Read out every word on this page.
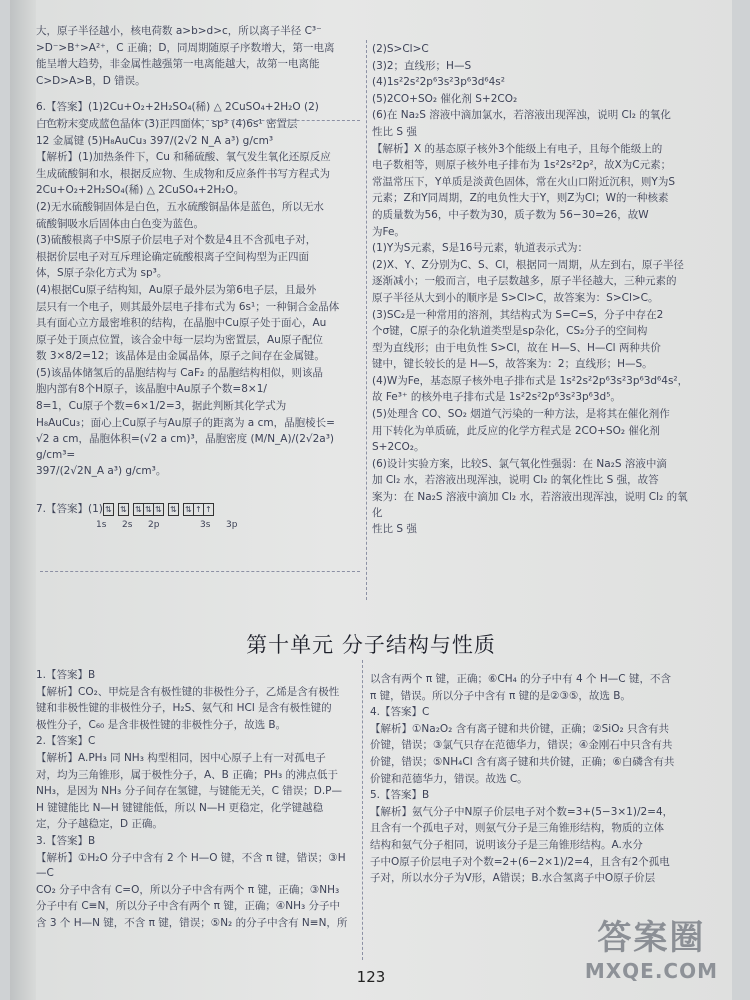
大，原子半径越小，核电荷数 a>b>d>c，所以离子半径 C³⁻

>D⁻>B⁺>A²⁺，C 正确；D，同周期随原子序数增大，第一电离

能呈增大趋势，非金属性越强第一电离能越大，故第一电离能

C>D>A>B，D 错误。

6.【答案】(1)2Cu+O₂+2H₂SO₄(稀) △ 2CuSO₄+2H₂O (2)

白色粉末变成蓝色晶体 (3)正四面体，sp³ (4)6s¹ 密置层

12 金属键 (5)H₈AuCu₃ 397/(2√2 N_A a³) g/cm³

【解析】(1)加热条件下，Cu 和稀硫酸、氧气发生氧化还原反应

生成硫酸铜和水，根据反应物、生成物和反应条件书写方程式为

2Cu+O₂+2H₂SO₄(稀) △ 2CuSO₄+2H₂O。

(2)无水硫酸铜固体是白色，五水硫酸铜晶体是蓝色，所以无水

硫酸铜吸水后固体由白色变为蓝色。

(3)硫酸根离子中S原子价层电子对个数是4且不含孤电子对，

根据价层电子对互斥理论确定硫酸根离子空间构型为正四面

体，S原子杂化方式为 sp³。

(4)根据Cu原子结构知，Au原子最外层为第6电子层，且最外

层只有一个电子，则其最外层电子排布式为 6s¹；一种铜合金晶体

具有面心立方最密堆积的结构，在晶胞中Cu原子处于面心，Au

原子处于顶点位置，该合金中每一层均为密置层，Au原子配位

数 3×8/2=12；该晶体是由金属晶体，原子之间存在金属键。

(5)该晶体储氢后的晶胞结构与 CaF₂ 的晶胞结构相似，则该晶

胞内部有8个H原子，该晶胞中Au原子个数=8×1/

8=1，Cu原子个数=6×1/2=3，据此判断其化学式为

H₈AuCu₃；面心上Cu原子与Au原子的距离为 a cm，晶胞棱长=

√2 a cm，晶胞体积=(√2 a cm)³，晶胞密度 (M/N_A)/(2√2a³) g/cm³=

397/(2√2N_A a³) g/cm³。

7.【答案】(1) ⇅ ⇅ ⇅ ⇅ ⇅ ⇅ ⇅ ↑ ↑
1s 2s 2p	3s 3p

(2)S>Cl>C

(3)2；直线形；H—S

(4)1s²2s²2p⁶3s²3p⁶3d⁶4s²

(5)2CO+SO₂ 催化剂 S+2CO₂

(6)在 Na₂S 溶液中滴加氯水，若溶液出现浑浊，说明 Cl₂ 的氧化

性比 S 强

【解析】X 的基态原子核外3个能级上有电子，且每个能级上的

电子数相等，则原子核外电子排布为 1s²2s²2p²，故X为C元素；

常温常压下，Y单质是淡黄色固体，常在火山口附近沉积，则Y为S

元素；Z和Y同周期，Z的电负性大于Y，则Z为Cl；W的一种核素

的质量数为56，中子数为30，质子数为 56−30=26，故W

为Fe。

(1)Y为S元素，S是16号元素，轨道表示式为：

(2)X、Y、Z分别为C、S、Cl，根据同一周期，从左到右，原子半径

逐渐减小；一般而言，电子层数越多，原子半径越大，三种元素的

原子半径从大到小的顺序是 S>Cl>C，故答案为：S>Cl>C。

(3)SC₂是一种常用的溶剂，其结构式为 S=C=S，分子中存在2

个σ键，C原子的杂化轨道类型是sp杂化，CS₂分子的空间构

型为直线形；由于电负性 S>Cl，故在 H—S、H—Cl 两种共价

键中，键长较长的是 H—S，故答案为：2；直线形；H—S。

(4)W为Fe，基态原子核外电子排布式是 1s²2s²2p⁶3s²3p⁶3d⁶4s²，

故 Fe³⁺ 的核外电子排布式是 1s²2s²2p⁶3s²3p⁶3d⁵。

(5)处理含 CO、SO₂ 烟道气污染的一种方法，是将其在催化剂作

用下转化为单质硫，此反应的化学方程式是 2CO+SO₂ 催化剂

S+2CO₂。

(6)设计实验方案，比较S、氯气氧化性强弱：在 Na₂S 溶液中滴

加 Cl₂ 水，若溶液出现浑浊，说明 Cl₂ 的氧化性比 S 强，故答

案为：在 Na₂S 溶液中滴加 Cl₂ 水，若溶液出现浑浊，说明 Cl₂ 的氧化

性比 S 强

第十单元 分子结构与性质

1.【答案】B

【解析】CO₂、甲烷是含有极性键的非极性分子，乙烯是含有极性

键和非极性键的非极性分子，H₂S、氨气和 HCl 是含有极性键的

极性分子，C₆₀ 是含非极性键的非极性分子，故选 B。

2.【答案】C

【解析】A.PH₃ 同 NH₃ 构型相同，因中心原子上有一对孤电子

对，均为三角锥形，属于极性分子，A、B 正确；PH₃ 的沸点低于

NH₃，是因为 NH₃ 分子间存在氢键，与键能无关，C 错误；D.P—

H 键键能比 N—H 键键能低，所以 N—H 更稳定，化学键越稳

定，分子越稳定，D 正确。

3.【答案】B

【解析】①H₂O 分子中含有 2 个 H—O 键，不含 π 键，错误；③H—C

CO₂ 分子中含有 C=O，所以分子中含有两个 π 键，正确；③NH₃

分子中有 C≡N，所以分子中含有两个 π 键，正确；④NH₃ 分子中

含 3 个 H—N 键，不含 π 键，错误；⑤N₂ 的分子中含有 N≡N，所

以含有两个 π 键，正确；⑥CH₄ 的分子中有 4 个 H—C 键，不含

π 键，错误。所以分子中含有 π 键的是②③⑤，故选 B。

4.【答案】C

【解析】①Na₂O₂ 含有离子键和共价键，正确；②SiO₂ 只含有共

价键，错误；③氯气只存在范德华力，错误；④金刚石中只含有共

价键，错误；⑤NH₄Cl 含有离子键和共价键，正确；⑥白磷含有共

价键和范德华力，错误。故选 C。

5.【答案】B

【解析】氨气分子中N原子价层电子对个数=3+(5−3×1)/2=4，

且含有一个孤电子对，则氨气分子是三角锥形结构，物质的立体

结构和氨气分子相同，说明该分子是三角锥形结构。A.水分

子中O原子价层电子对个数=2+(6−2×1)/2=4，且含有2个孤电

子对，所以水分子为V形，A错误；B.水合氢离子中O原子价层

123
答案圈
MXQE.COM
